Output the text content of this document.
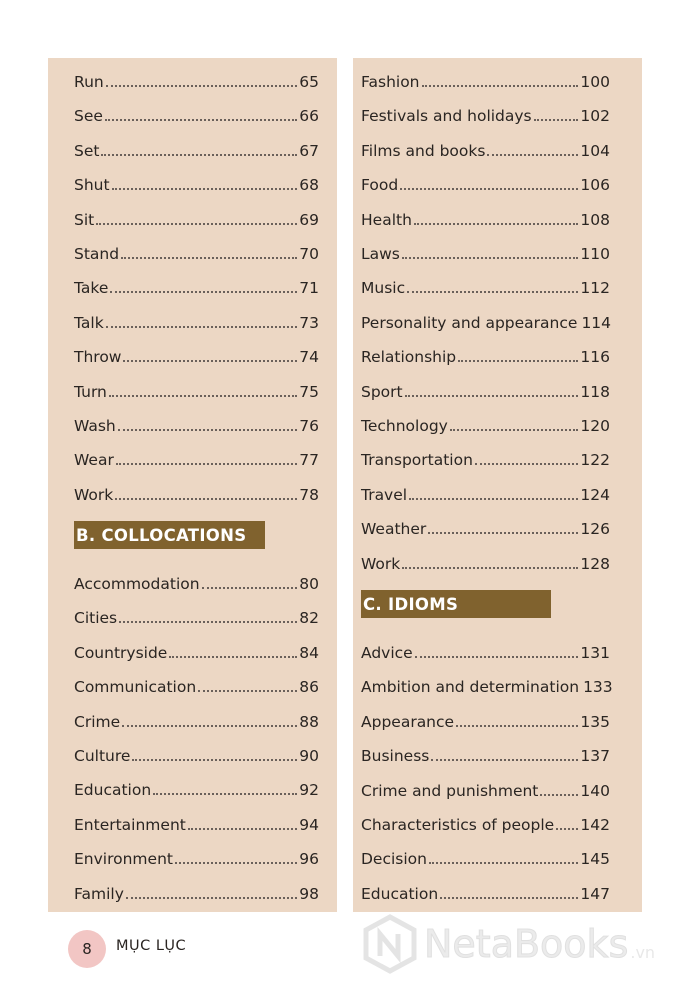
Run	65
See	66
Set	67
Shut	68
Sit	69
Stand	70
Take	71
Talk	73
Throw	74
Turn	75
Wash	76
Wear	77
Work	78
B. COLLOCATIONS
Accommodation	80
Cities	82
Countryside	84
Communication	86
Crime	88
Culture	90
Education	92
Entertainment	94
Environment	96
Family	98
Fashion	100
Festivals and holidays	102
Films and books	104
Food	106
Health	108
Laws	110
Music	112
Personality and appearance 114
Relationship	116
Sport	118
Technology	120
Transportation	122
Travel	124
Weather	126
Work	128
C. IDIOMS
Advice	131
Ambition and determination 133
Appearance	135
Business	137
Crime and punishment	140
Characteristics of people 142
Decision	145
Education	147
8	MỤC LỤC	NetaBooks .vn
